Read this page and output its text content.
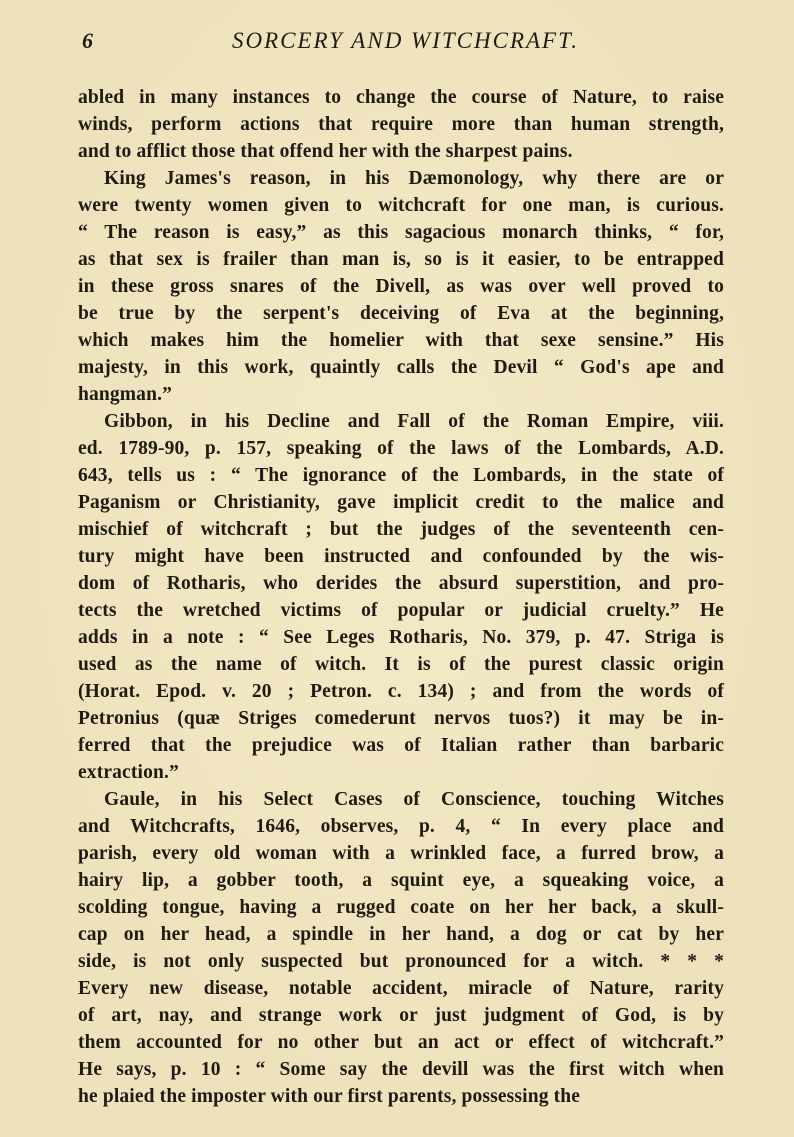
6	SORCERY AND WITCHCRAFT.

abled in many instances to change the course of Nature, to raise
winds, perform actions that require more than human strength,
and to afflict those that offend her with the sharpest pains.

King James's reason, in his Dæmonology, why there are or
were twenty women given to witchcraft for one man, is curious.
“ The reason is easy,” as this sagacious monarch thinks, “ for,
as that sex is frailer than man is, so is it easier, to be entrapped
in these gross snares of the Divell, as was over well proved to
be true by the serpent's deceiving of Eva at the beginning,
which makes him the homelier with that sexe sensine.” His
majesty, in this work, quaintly calls the Devil “ God's ape and
hangman.”

Gibbon, in his Decline and Fall of the Roman Empire, viii.
ed. 1789-90, p. 157, speaking of the laws of the Lombards, A.D.
643, tells us : “ The ignorance of the Lombards, in the state of
Paganism or Christianity, gave implicit credit to the malice and
mischief of witchcraft ; but the judges of the seventeenth cen-
tury might have been instructed and confounded by the wis-
dom of Rotharis, who derides the absurd superstition, and pro-
tects the wretched victims of popular or judicial cruelty.” He
adds in a note : “ See Leges Rotharis, No. 379, p. 47. Striga is
used as the name of witch. It is of the purest classic origin
(Horat. Epod. v. 20 ; Petron. c. 134) ; and from the words of
Petronius (quæ Striges comederunt nervos tuos?) it may be in-
ferred that the prejudice was of Italian rather than barbaric
extraction.”

Gaule, in his Select Cases of Conscience, touching Witches
and Witchcrafts, 1646, observes, p. 4, “ In every place and
parish, every old woman with a wrinkled face, a furred brow, a
hairy lip, a gobber tooth, a squint eye, a squeaking voice, a
scolding tongue, having a rugged coate on her her back, a skull-
cap on her head, a spindle in her hand, a dog or cat by her
side, is not only suspected but pronounced for a witch. * * *
Every new disease, notable accident, miracle of Nature, rarity
of art, nay, and strange work or just judgment of God, is by
them accounted for no other but an act or effect of witchcraft.”
He says, p. 10 : “ Some say the devill was the first witch when
he plaied the imposter with our first parents, possessing the
